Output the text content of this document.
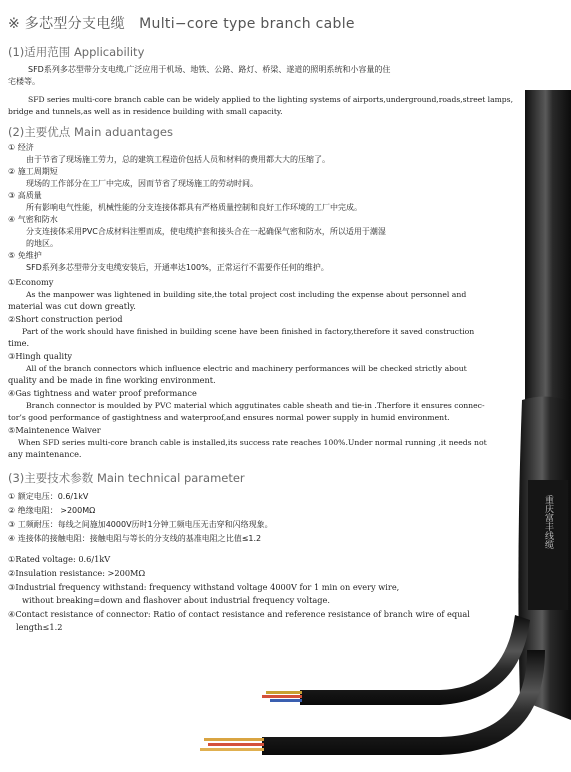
重庆富丰线缆
※ 多芯型分支电缆　Multi−core type branch cable
(1)适用范围 Applicability
SFD系列多芯型带分支电缆,广泛应用于机场、地铁、公路、路灯、桥梁、遂道的照明系统和小容量的住
宅楼等。
SFD series multi-core branch cable can be widely applied to the lighting systems of airports,underground,roads,street lamps,
bridge and tunnels,as well as in residence building with small capacity.
(2)主要优点 Main aduantages
① 经济
由于节省了现场施工劳力，总的建筑工程造价包括人员和材料的费用都大大的压缩了。
② 施工周期短
现场的工作部分在工厂中完成，因而节省了现场施工的劳动时间。
③ 高质量
所有影响电气性能，机械性能的分支连接体都具有严格质量控制和良好工作环境的工厂中完成。
④ 气密和防水
分支连接体采用PVC合成材料注塑而成，使电缆护套和接头合在一起确保气密和防水，所以适用于潮湿
的地区。
⑤ 免维护
SFD系列多芯型带分支电缆安装后，开通率达100%，正常运行不需要作任何的维护。
①Economy
As the manpower was lightened in building site,the total project cost including the expense about personnel and
material was cut down greatly.
②Short construction period
Part of the work should have finished in building scene have been finished in factory,therefore it saved construction
time.
③Hingh quality
All of the branch connectors which influence electric and machinery performances will be checked strictly about
quality and be made in fine working environment.
④Gas tightness and water proof preformance
Branch connector is moulded by PVC material which aggutinates cable sheath and tie-in .Therfore it ensures connec-
tor’s good performance of gastightness and waterproof,and ensures normal power supply in humid environment.
⑤Maintenence Waiver
When SFD series multi-core branch cable is installed,its success rate reaches 100%.Under normal running ,it needs not
any maintenance.
(3)主要技术参数 Main technical parameter
① 额定电压：0.6/1kV
② 绝缘电阻： >200MΩ
③ 工频耐压：每线之间施加4000V历时1分钟工频电压无击穿和闪络现象。
④ 连接体的接触电阻：接触电阻与等长的分支线的基准电阻之比值≤1.2
①Rated voltage: 0.6/1kV
②Insulation resistance: >200MΩ
③Industrial frequency withstand: frequency withstand voltage 4000V for 1 min on every wire,
without breaking=down and flashover about industrial frequency voltage.
④Contact resistance of connector: Ratio of contact resistance and reference resistance of branch wire of equal
length≤1.2
